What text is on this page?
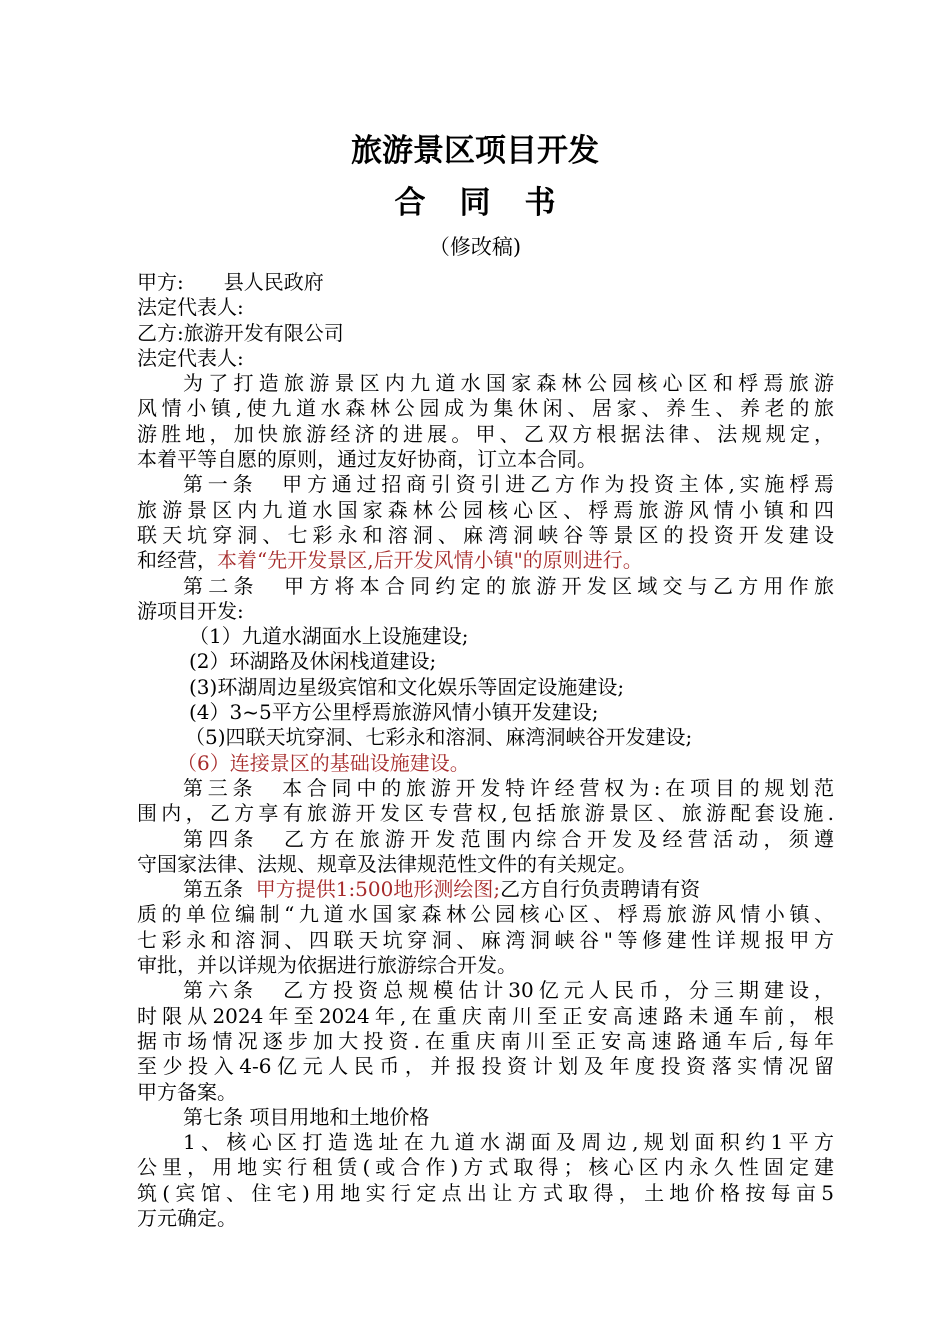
旅游景区项目开发
合同书
（修改稿)
甲方:　　县人民政府
法定代表人:
乙方:旅游开发有限公司
法定代表人:
为了打造旅游景区内九道水国家森林公园核心区和桴焉旅游
风情小镇,使九道水森林公园成为集休闲、居家、养生、养老的旅
游胜地，加快旅游经济的进展。甲、乙双方根据法律、法规规定，
本着平等自愿的原则，通过友好协商，订立本合同。
第一条　甲方通过招商引资引进乙方作为投资主体,实施桴焉
旅游景区内九道水国家森林公园核心区、桴焉旅游风情小镇和四
联天坑穿洞、七彩永和溶洞、麻湾洞峡谷等景区的投资开发建设
和经营，本着“先开发景区,后开发风情小镇"的原则进行。
第二条　甲方将本合同约定的旅游开发区域交与乙方用作旅
游项目开发:
（1）九道水湖面水上设施建设;
(2）环湖路及休闲栈道建设;
(3)环湖周边星级宾馆和文化娱乐等固定设施建设;
(4）3~5平方公里桴焉旅游风情小镇开发建设;
（5)四联天坑穿洞、七彩永和溶洞、麻湾洞峡谷开发建设;
（6）连接景区的基础设施建设。
第三条　本合同中的旅游开发特许经营权为:在项目的规划范
围内，乙方享有旅游开发区专营权,包括旅游景区、旅游配套设施.
第四条　乙方在旅游开发范围内综合开发及经营活动，须遵
守国家法律、法规、规章及法律规范性文件的有关规定。
第五条 甲方提供1:500地形测绘图;乙方自行负责聘请有资
质的单位编制“九道水国家森林公园核心区、桴焉旅游风情小镇、
七彩永和溶洞、四联天坑穿洞、麻湾洞峡谷"等修建性详规报甲方
审批，并以详规为依据进行旅游综合开发。
第六条　乙方投资总规模估计30亿元人民币，分三期建设，
时限从2024年至2024年,在重庆南川至正安高速路未通车前，根
据市场情况逐步加大投资.在重庆南川至正安高速路通车后,每年
至少投入4-6亿元人民币，并报投资计划及年度投资落实情况留
甲方备案。
第七条 项目用地和土地价格
1、核心区打造选址在九道水湖面及周边,规划面积约1平方
公里，用地实行租赁(或合作)方式取得；核心区内永久性固定建
筑(宾馆、住宅)用地实行定点出让方式取得，土地价格按每亩5
万元确定。
